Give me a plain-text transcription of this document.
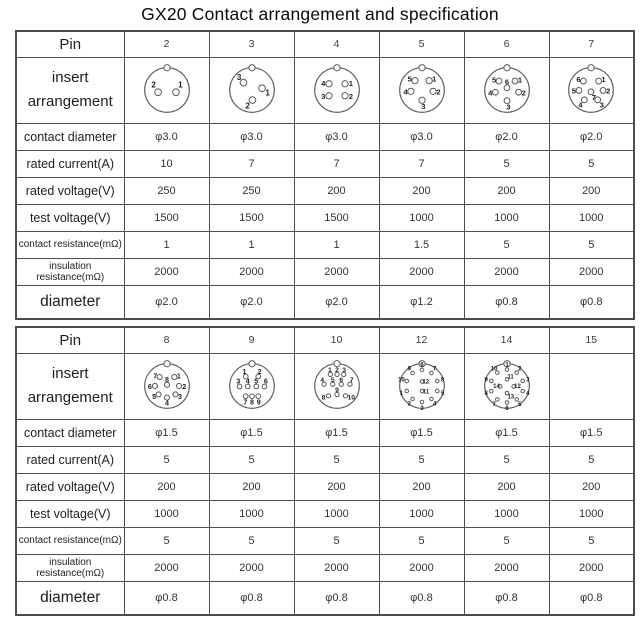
GX20 Contact arrangement and specification
Pin	2	3	4	5	6	7
insert arrangement	

contact diameter	φ3.0	φ3.0	φ3.0	φ3.0	φ2.0	φ2.0
rated current(A)	10	7	7	7	5	5
rated voltage(V)	250	250	200	200	200	200
test voltage(V)	1500	1500	1500	1000	1000	1000
contact resistance(mΩ)	1	1	1	1.5	5	5
insulation resistance(mΩ)	2000	2000	2000	2000	2000	2000
diameter	φ2.0	φ2.0	φ2.0	φ1.2	φ0.8	φ0.8
Pin	8	9	10	12	14	15
insert arrangement	

contact diameter	φ1.5	φ1.5	φ1.5	φ1.5	φ1.5	φ1.5
rated current(A)	5	5	5	5	5	5
rated voltage(V)	200	200	200	200	200	200
test voltage(V)	1000	1000	1000	1000	1000	1000
contact resistance(mΩ)	5	5	5	5	5	5
insulation resistance(mΩ)	2000	2000	2000	2000	2000	2000
diameter	φ0.8	φ0.8	φ0.8	φ0.8	φ0.8	φ0.8
